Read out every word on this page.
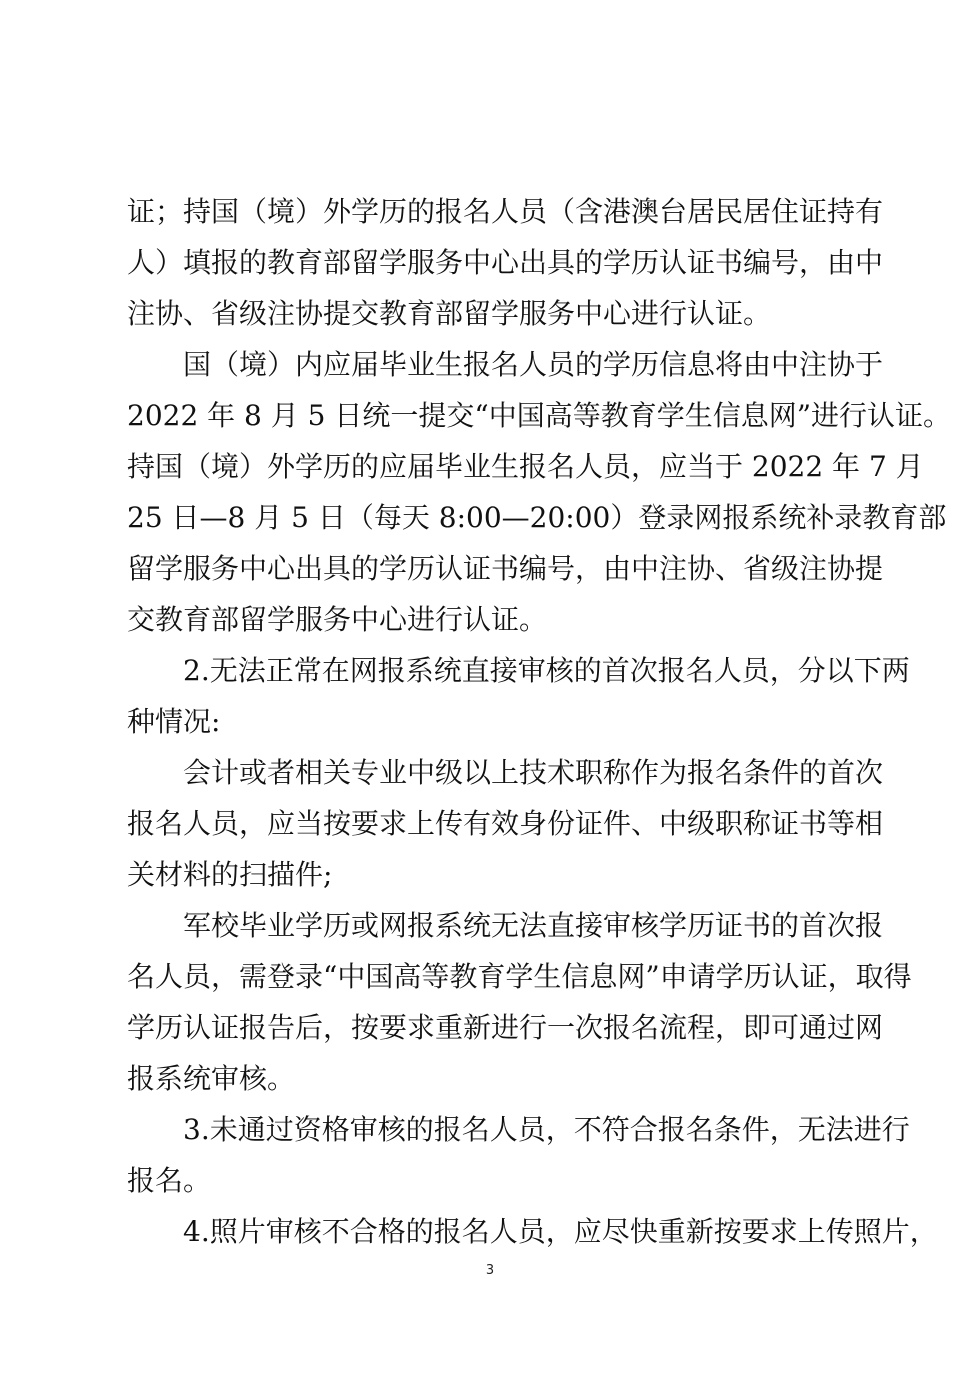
证；持国（境）外学历的报名人员（含港澳台居民居住证持有
人）填报的教育部留学服务中心出具的学历认证书编号，由中
注协、省级注协提交教育部留学服务中心进行认证。
国（境）内应届毕业生报名人员的学历信息将由中注协于
2022 年 8 月 5 日统一提交“中国高等教育学生信息网”进行认证。
持国（境）外学历的应届毕业生报名人员，应当于 2022 年 7 月
25 日—8 月 5 日（每天 8:00—20:00）登录网报系统补录教育部
留学服务中心出具的学历认证书编号，由中注协、省级注协提
交教育部留学服务中心进行认证。
2.无法正常在网报系统直接审核的首次报名人员，分以下两
种情况:
会计或者相关专业中级以上技术职称作为报名条件的首次
报名人员，应当按要求上传有效身份证件、中级职称证书等相
关材料的扫描件;
军校毕业学历或网报系统无法直接审核学历证书的首次报
名人员，需登录“中国高等教育学生信息网”申请学历认证，取得
学历认证报告后，按要求重新进行一次报名流程，即可通过网
报系统审核。
3.未通过资格审核的报名人员，不符合报名条件，无法进行
报名。
4.照片审核不合格的报名人员，应尽快重新按要求上传照片，
3
